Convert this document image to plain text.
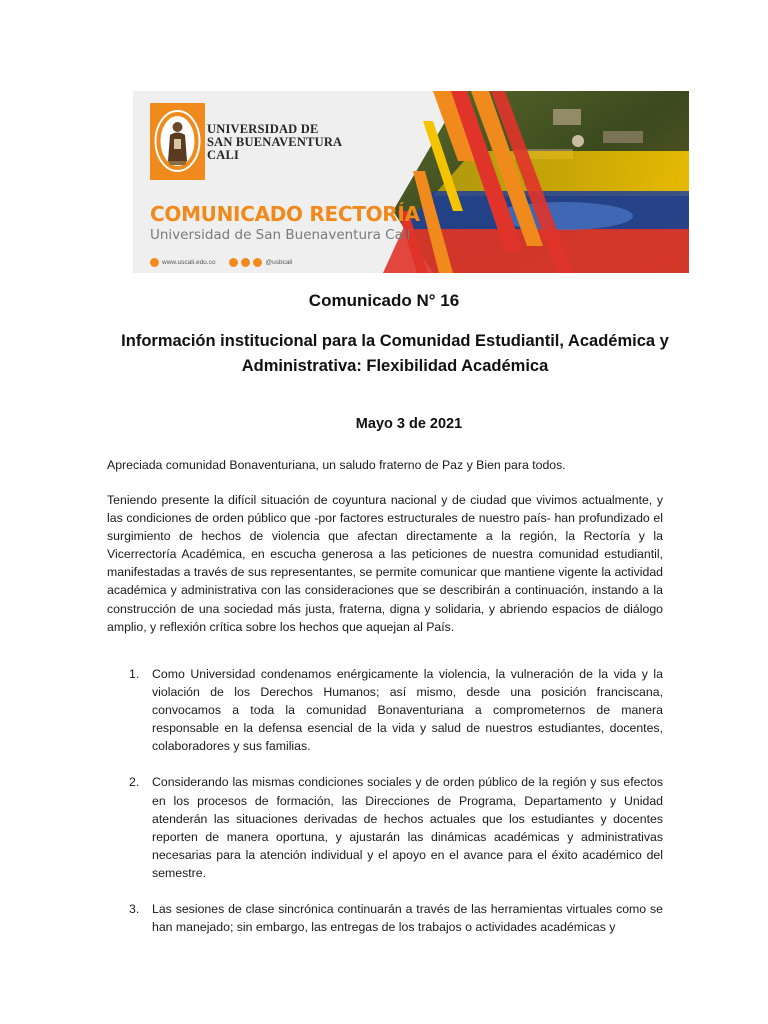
UNIVERSIDAD DE
SAN BUENAVENTURA
CALI
COMUNICADO RECTORÍA
Universidad de San Buenaventura Cali
www.uscali.edu.co	@usbcali
Comunicado N° 16
Información institucional para la Comunidad Estudiantil, Académica y Administrativa: Flexibilidad Académica
Mayo 3 de 2021
Apreciada comunidad Bonaventuriana, un saludo fraterno de Paz y Bien para todos.
Teniendo presente la difícil situación de coyuntura nacional y de ciudad que vivimos actualmente, y las condiciones de orden público que -por factores estructurales de nuestro país- han profundizado el surgimiento de hechos de violencia que afectan directamente a la región, la Rectoría y la Vicerrectoría Académica, en escucha generosa a las peticiones de nuestra comunidad estudiantil, manifestadas a través de sus representantes, se permite comunicar que mantiene vigente la actividad académica y administrativa con las consideraciones que se describirán a continuación, instando a la construcción de una sociedad más justa, fraterna, digna y solidaria, y abriendo espacios de diálogo amplio, y reflexión crítica sobre los hechos que aquejan al País.
1. Como Universidad condenamos enérgicamente la violencia, la vulneración de la vida y la violación de los Derechos Humanos; así mismo, desde una posición franciscana, convocamos a toda la comunidad Bonaventuriana a comprometernos de manera responsable en la defensa esencial de la vida y salud de nuestros estudiantes, docentes, colaboradores y sus familias.
2. Considerando las mismas condiciones sociales y de orden público de la región y sus efectos en los procesos de formación, las Direcciones de Programa, Departamento y Unidad atenderán las situaciones derivadas de hechos actuales que los estudiantes y docentes reporten de manera oportuna, y ajustarán las dinámicas académicas y administrativas necesarias para la atención individual y el apoyo en el avance para el éxito académico del semestre.
3. Las sesiones de clase sincrónica continuarán a través de las herramientas virtuales como se han manejado; sin embargo, las entregas de los trabajos o actividades académicas y
